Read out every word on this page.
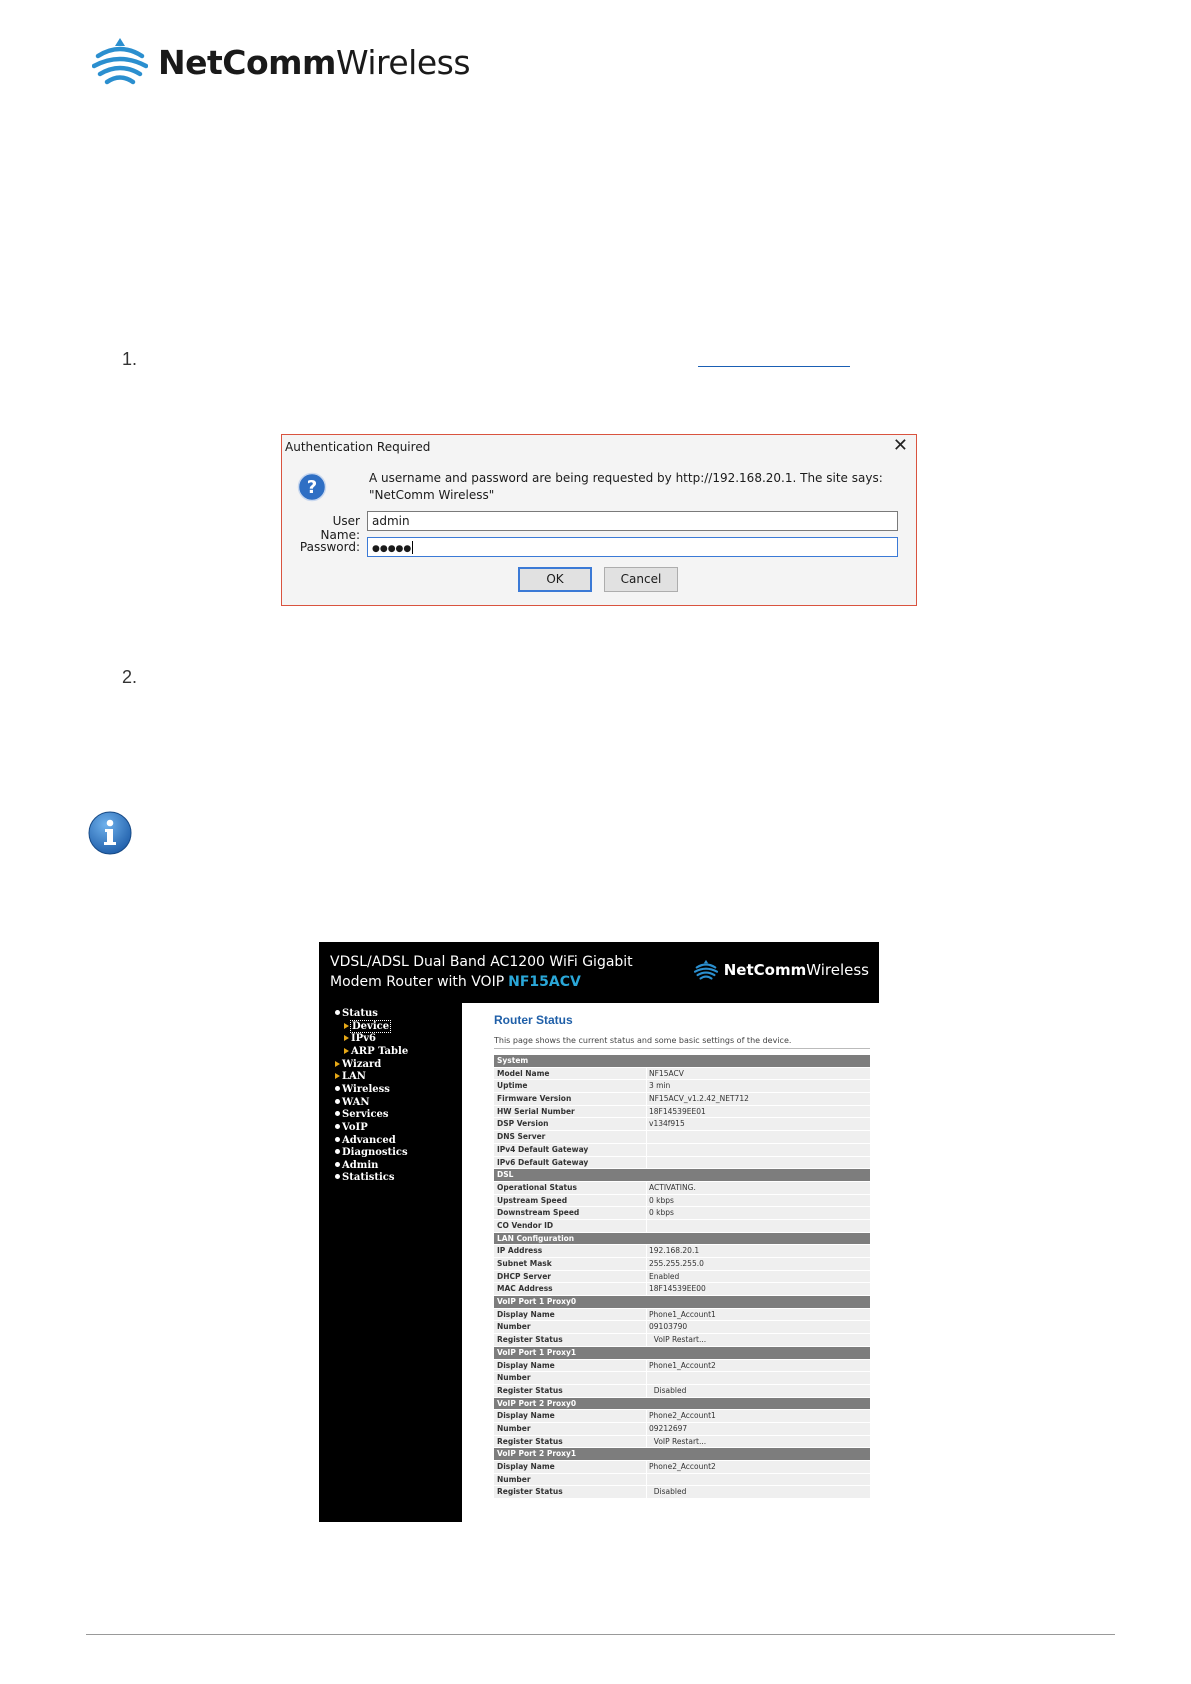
NetCommWireless
1.
2.
Authentication Required	✕
?	A username and password are being requested by http://192.168.20.1. The site says: "NetComm Wireless"
User Name:
admin
Password:	●●●●●
OK	Cancel
VDSL/ADSL Dual Band AC1200 WiFi Gigabit
Modem Router with VOIP NF15ACV
NetCommWireless
Status
Device
IPv6
ARP Table
Wizard
LAN
Wireless
WAN
Services
VoIP
Advanced
Diagnostics
Admin
Statistics
Router Status
This page shows the current status and some basic settings of the device.
System
Model Name	NF15ACV
Uptime	3 min
Firmware Version	NF15ACV_v1.2.42_NET712
HW Serial Number	18F14539EE01
DSP Version	v134f915
DNS Server
IPv4 Default Gateway
IPv6 Default Gateway
DSL
Operational Status	ACTIVATING.
Upstream Speed	0 kbps
Downstream Speed	0 kbps
CO Vendor ID
LAN Configuration
IP Address	192.168.20.1
Subnet Mask	255.255.255.0
DHCP Server	Enabled
MAC Address	18F14539EE00
VoIP Port 1 Proxy0
Display Name	Phone1_Account1
Number	09103790
Register Status	VoIP Restart...
VoIP Port 1 Proxy1
Display Name	Phone1_Account2
Number
Register Status	Disabled
VoIP Port 2 Proxy0
Display Name	Phone2_Account1
Number	09212697
Register Status	VoIP Restart...
VoIP Port 2 Proxy1
Display Name	Phone2_Account2
Number
Register Status	Disabled
